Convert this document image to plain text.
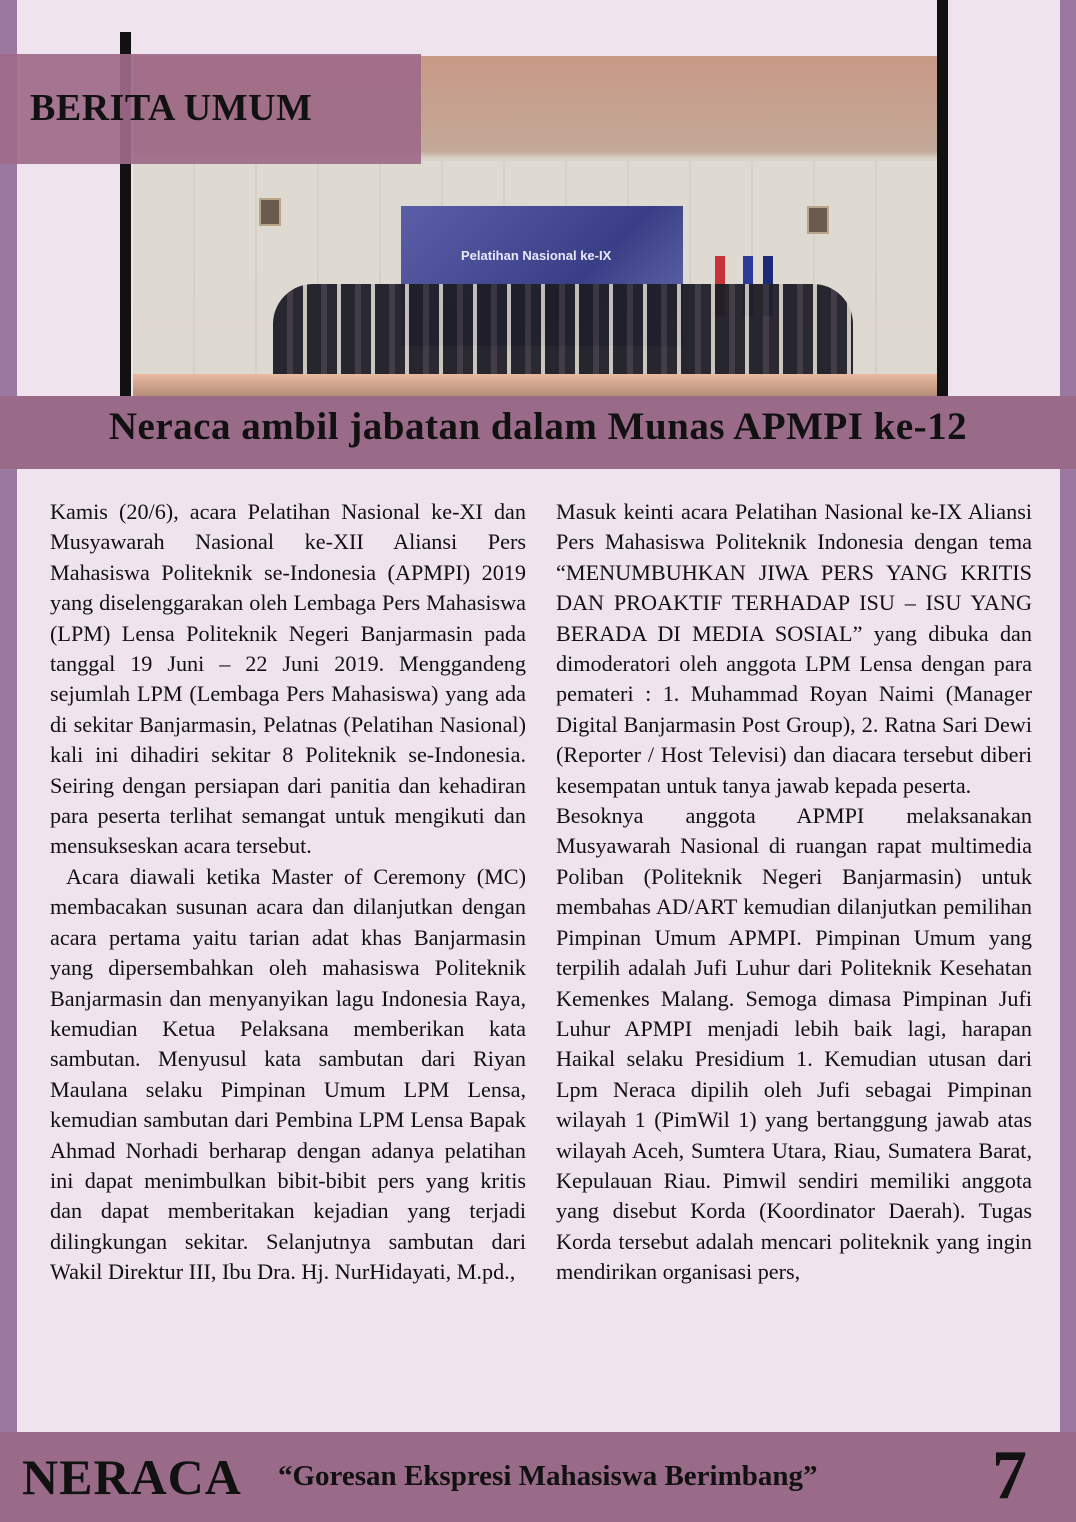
Pelatihan Nasional ke-IX
BERITA UMUM
Neraca ambil jabatan dalam Munas APMPI ke-12

Kamis (20/6), acara Pelatihan Nasional ke-XI dan Musyawarah Nasional ke-XII Aliansi Pers Mahasiswa Politeknik se-Indonesia (APMPI) 2019 yang diselenggarakan oleh Lembaga Pers Mahasiswa (LPM) Lensa Politeknik Negeri Banjarmasin pada tanggal 19 Juni – 22 Juni 2019. Menggandeng sejumlah LPM (Lembaga Pers Mahasiswa) yang ada di sekitar Banjarmasin, Pelatnas (Pelatihan Nasional) kali ini dihadiri sekitar 8 Politeknik se-Indonesia. Seiring dengan persiapan dari panitia dan kehadiran para peserta terlihat semangat untuk mengikuti dan mensukseskan acara tersebut.

Acara diawali ketika Master of Ceremony (MC) membacakan susunan acara dan dilanjutkan dengan acara pertama yaitu tarian adat khas Banjarmasin yang dipersembahkan oleh mahasiswa Politeknik Banjarmasin dan menyanyikan lagu Indonesia Raya, kemudian Ketua Pelaksana memberikan kata sambutan. Menyusul kata sambutan dari Riyan Maulana selaku Pimpinan Umum LPM Lensa, kemudian sambutan dari Pembina LPM Lensa Bapak Ahmad Norhadi berharap dengan adanya pelatihan ini dapat menimbulkan bibit-bibit pers yang kritis dan dapat memberitakan kejadian yang terjadi dilingkungan sekitar. Selanjutnya sambutan dari Wakil Direktur III, Ibu Dra. Hj. NurHidayati, M.pd.,

Masuk keinti acara Pelatihan Nasional ke-IX Aliansi Pers Mahasiswa Politeknik Indonesia dengan tema “MENUMBUHKAN JIWA PERS YANG KRITIS DAN PROAKTIF TERHADAP ISU – ISU YANG BERADA DI MEDIA SOSIAL” yang dibuka dan dimoderatori oleh anggota LPM Lensa dengan para pemateri : 1. Muhammad Royan Naimi (Manager Digital Banjarmasin Post Group), 2. Ratna Sari Dewi (Reporter / Host Televisi) dan diacara tersebut diberi kesempatan untuk tanya jawab kepada peserta.

Besoknya anggota APMPI melaksanakan Musyawarah Nasional di ruangan rapat multimedia Poliban (Politeknik Negeri Banjarmasin) untuk membahas AD/ART kemudian dilanjutkan pemilihan Pimpinan Umum APMPI. Pimpinan Umum yang terpilih adalah Jufi Luhur dari Politeknik Kesehatan Kemenkes Malang. Semoga dimasa Pimpinan Jufi Luhur APMPI menjadi lebih baik lagi, harapan Haikal selaku Presidium 1. Kemudian utusan dari Lpm Neraca dipilih oleh Jufi sebagai Pimpinan wilayah 1 (PimWil 1) yang bertanggung jawab atas wilayah Aceh, Sumtera Utara, Riau, Sumatera Barat, Kepulauan Riau. Pimwil sendiri memiliki anggota yang disebut Korda (Koordinator Daerah). Tugas Korda tersebut adalah mencari politeknik yang ingin mendirikan organisasi pers,

NERACA “Goresan Ekspresi Mahasiswa Berimbang” 7
